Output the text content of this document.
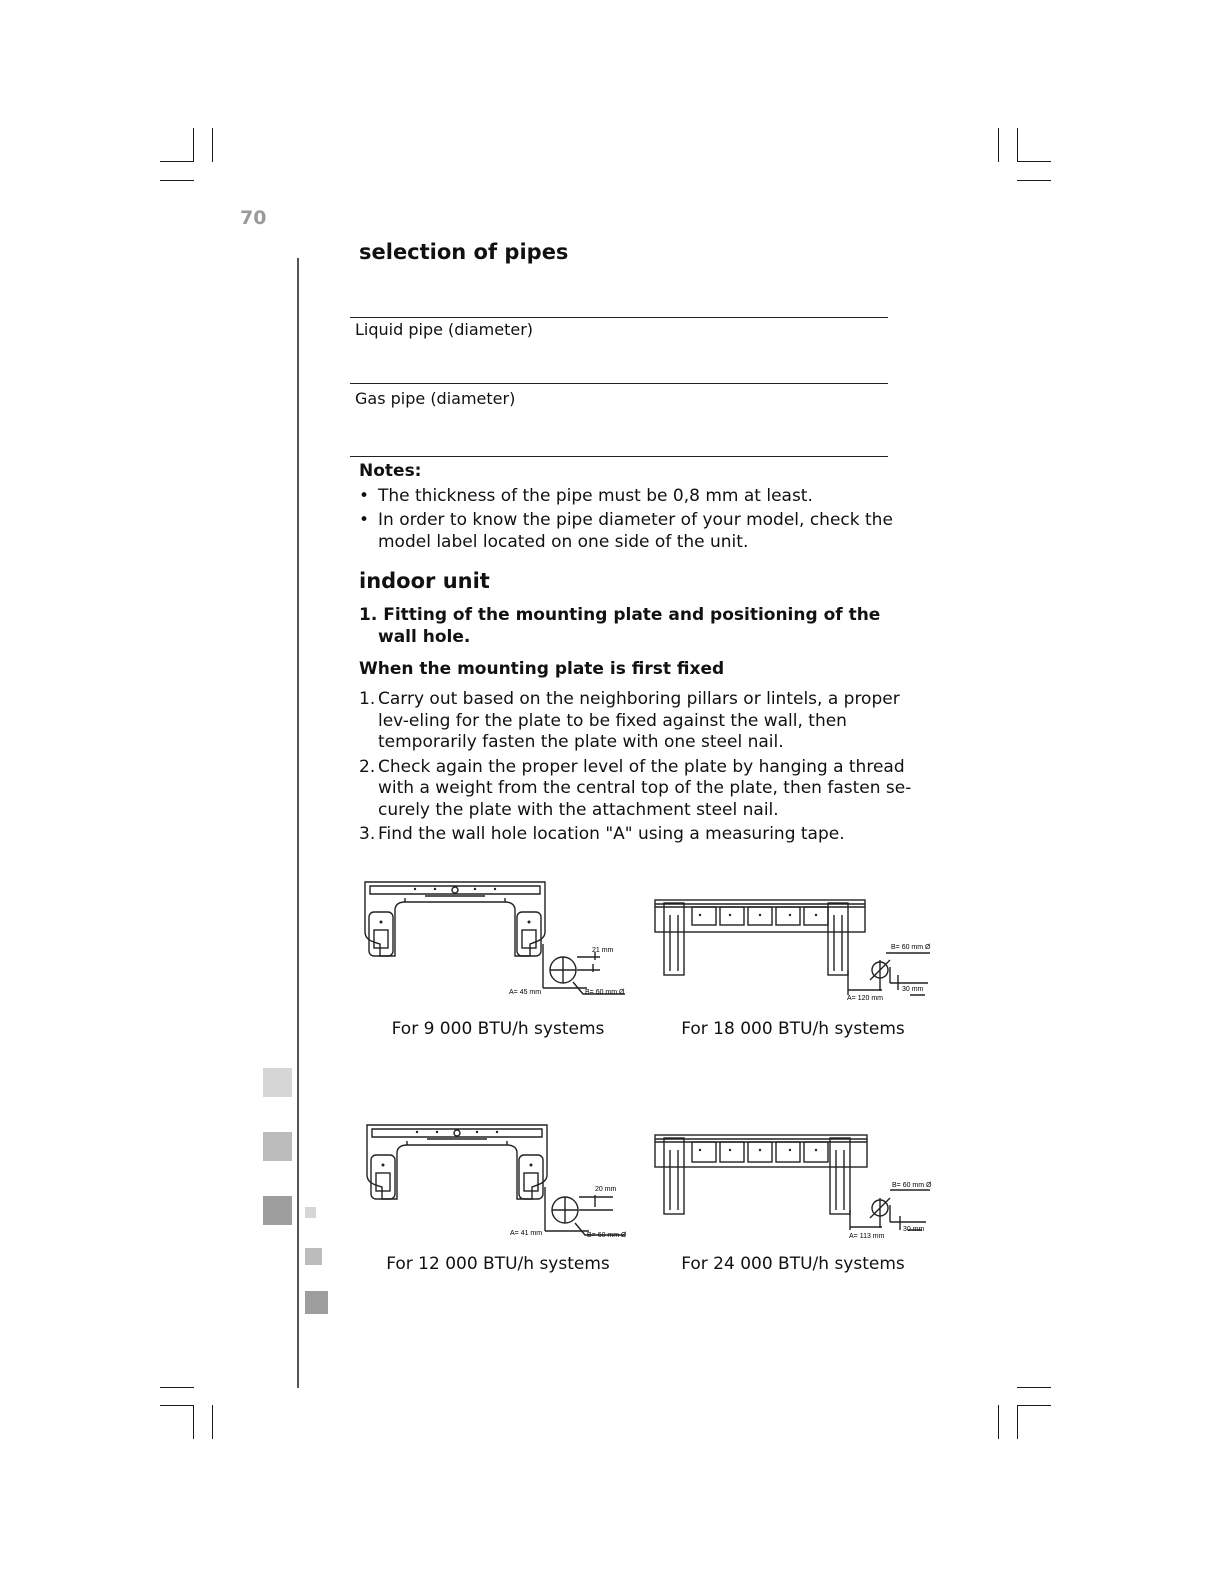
70
selection of pipes
Liquid pipe (diameter)
Gas pipe (diameter)
Notes:
• The thickness of the pipe must be 0,8 mm at least.
• In order to know the pipe diameter of your model, check the model label located on one side of the unit.
indoor unit
1. Fitting of the mounting plate and positioning of the wall hole.
When the mounting plate is first fixed
1. Carry out based on the neighboring pillars or lintels, a proper lev-eling for the plate to be fixed against the wall, then temporarily fasten the plate with one steel nail.
2. Check again the proper level of the plate by hanging a thread with a weight from the central top of the plate, then fasten se-curely the plate with the attachment steel nail.
3. Find the wall hole location "A" using a measuring tape.
21 mm
A= 45 mm	B= 60 mm Ø
For 9 000 BTU/h systems
B= 60 mm Ø
30 mm
A= 120 mm
For 18 000 BTU/h systems
20 mm
A= 41 mm	B= 60 mm Ø
For 12 000 BTU/h systems
B= 60 mm Ø
30 mm
A= 113 mm
For 24 000 BTU/h systems
